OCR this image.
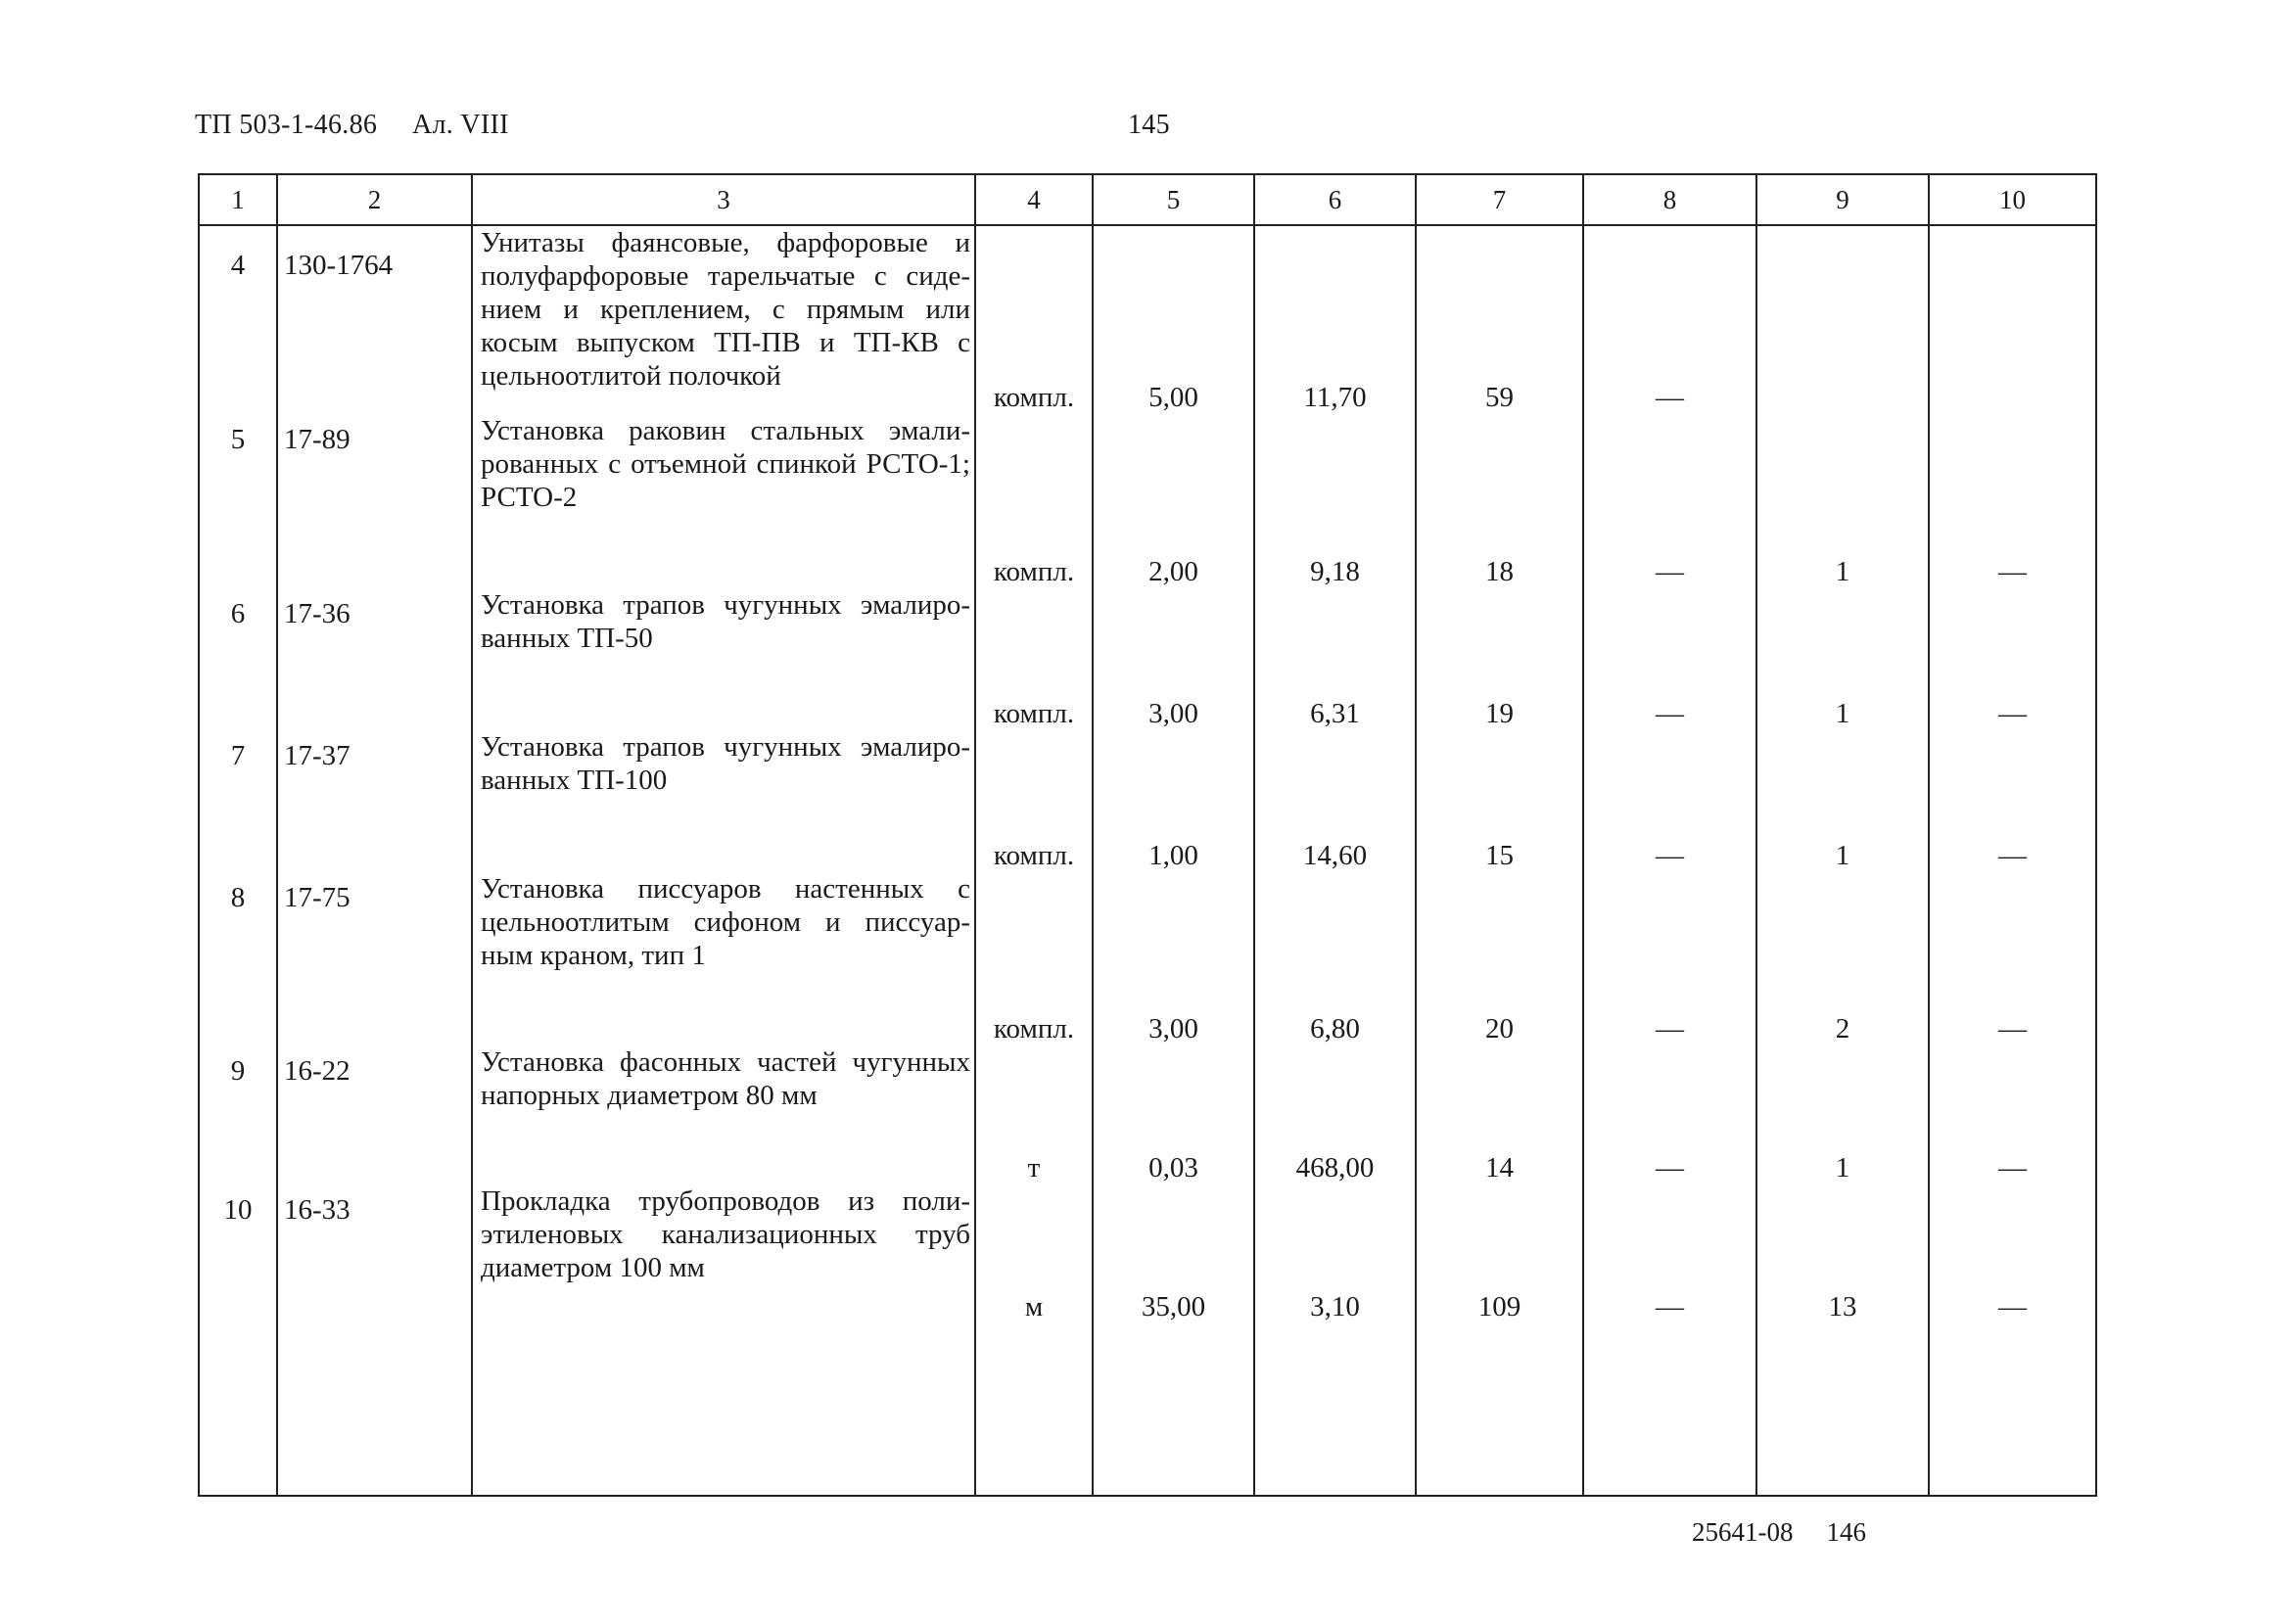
ТП 503-1-46.86 Ал. VIII	145
1	2	3	4	5	6	7	8	9	10
4	130-1764	Унитазы фаянсовые, фарфоровые и полуфарфоровые тарельчатые с сиде-нием и креплением, с прямым или косым выпуском ТП-ПВ и ТП-КВ с цельноотлитой полочкой	компл.	5,00	11,70	59	—		
5	17-89	Установка раковин стальных эмали-рованных с отъемной спинкой РСТО-1; РСТО-2	компл.	2,00	9,18	18	—	1	—
6	17-36	Установка трапов чугунных эмалиро-ванных ТП-50	компл.	3,00	6,31	19	—	1	—
7	17-37	Установка трапов чугунных эмалиро-ванных ТП-100	компл.	1,00	14,60	15	—	1	—
8	17-75	Установка писсуаров настенных с цельноотлитым сифоном и писсуар-ным краном, тип 1	компл.	3,00	6,80	20	—	2	—
9	16-22	Установка фасонных частей чугунных напорных диаметром 80 мм	т	0,03	468,00	14	—	1	—
10	16-33	Прокладка трубопроводов из поли-этиленовых канализационных труб диаметром 100 мм	м	35,00	3,10	109	—	13	—

25641-08 146
